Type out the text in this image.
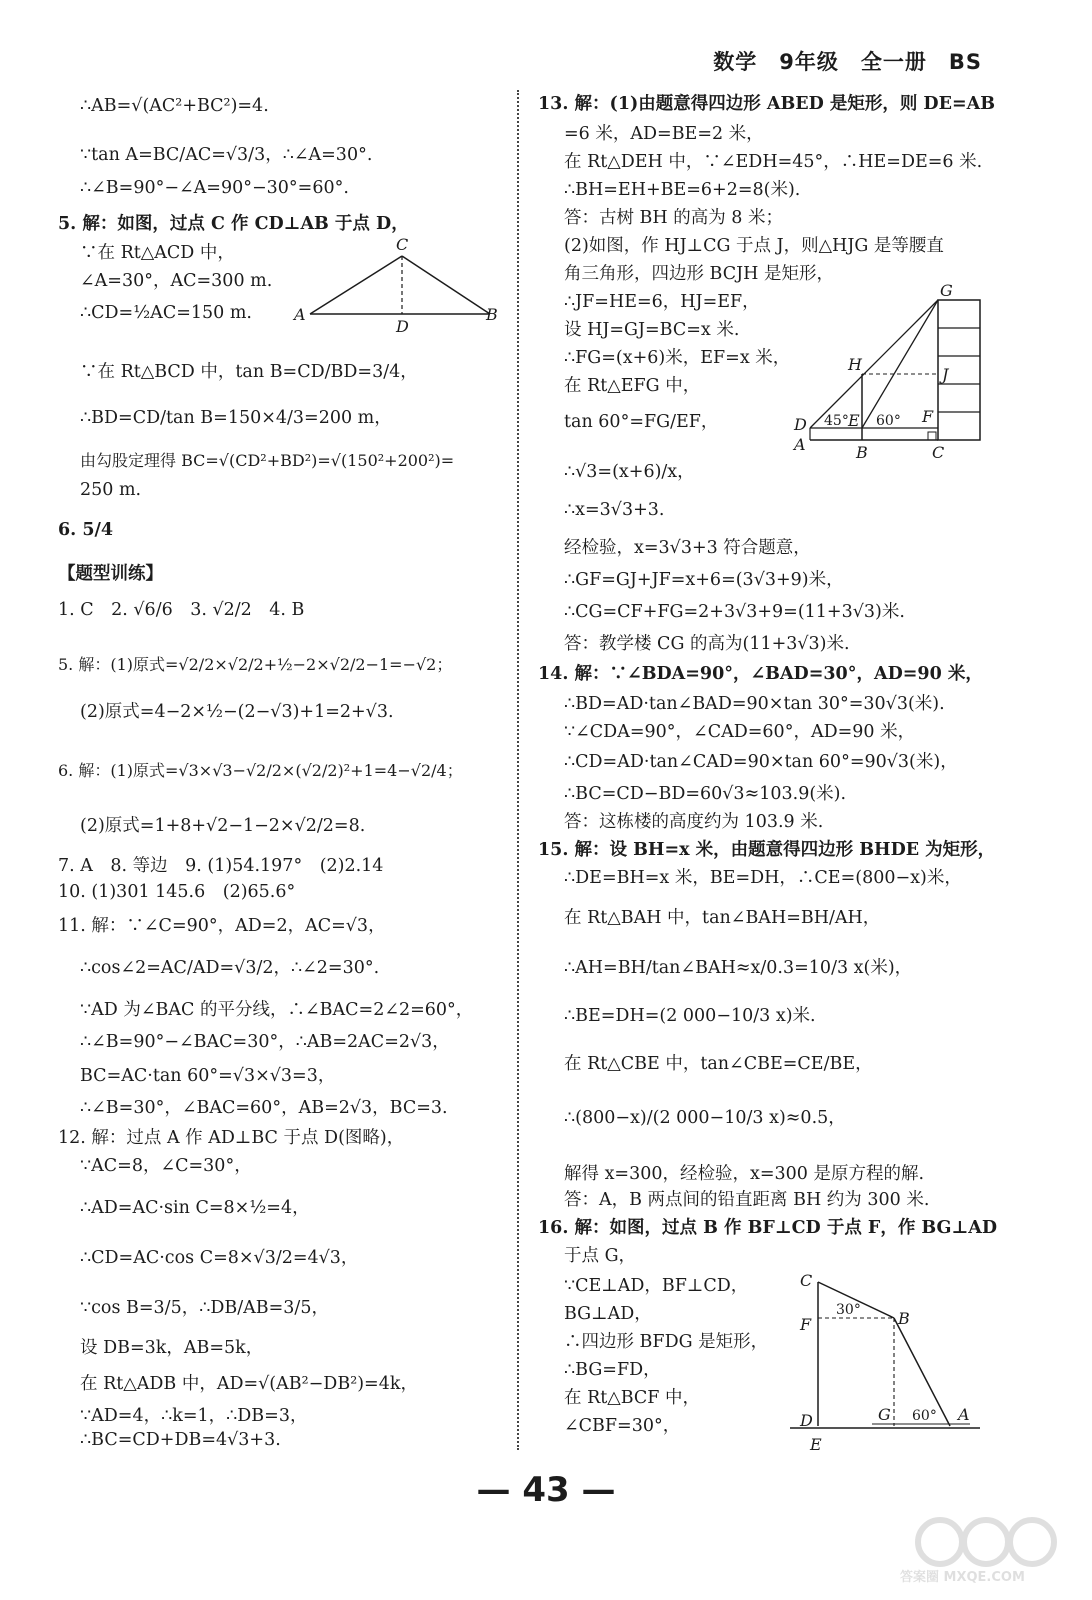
数学　9年级　全一册　BS
∴AB=√(AC²+BC²)=4.
∵tan A=BC/AC=√3/3，∴∠A=30°.
∴∠B=90°−∠A=90°−30°=60°.
5. 解：如图，过点 C 作 CD⊥AB 于点 D，
∵在 Rt△ACD 中，
∠A=30°，AC=300 m.
∴CD=½AC=150 m.
∵在 Rt△BCD 中，tan B=CD/BD=3/4，
∴BD=CD/tan B=150×4/3=200 m，
由勾股定理得 BC=√(CD²+BD²)=√(150²+200²)=
250 m.
6. 5/4
【题型训练】
1. C　2. √6/6　3. √2/2　4. B
5. 解：(1)原式=√2/2×√2/2+½−2×√2/2−1=−√2；
(2)原式=4−2×½−(2−√3)+1=2+√3.
6. 解：(1)原式=√3×√3−√2/2×(√2/2)²+1=4−√2/4；
(2)原式=1+8+√2−1−2×√2/2=8.
7. A　8. 等边　9. (1)54.197°　(2)2.14
10. (1)301 145.6　(2)65.6°
11. 解：∵∠C=90°，AD=2，AC=√3，
∴cos∠2=AC/AD=√3/2，∴∠2=30°.
∵AD 为∠BAC 的平分线，∴∠BAC=2∠2=60°，
∴∠B=90°−∠BAC=30°，∴AB=2AC=2√3，
BC=AC·tan 60°=√3×√3=3，
∴∠B=30°，∠BAC=60°，AB=2√3，BC=3.
12. 解：过点 A 作 AD⊥BC 于点 D(图略)，
∵AC=8，∠C=30°，
∴AD=AC·sin C=8×½=4，
∴CD=AC·cos C=8×√3/2=4√3，
∵cos B=3/5，∴DB/AB=3/5，
设 DB=3k，AB=5k，
在 Rt△ADB 中，AD=√(AB²−DB²)=4k，
∵AD=4，∴k=1，∴DB=3，
∴BC=CD+DB=4√3+3.
C
A
D
B
13. 解：(1)由题意得四边形 ABED 是矩形，则 DE=AB
=6 米，AD=BE=2 米，
在 Rt△DEH 中，∵∠EDH=45°，∴HE=DE=6 米.
∴BH=EH+BE=6+2=8(米).
答：古树 BH 的高为 8 米；
(2)如图，作 HJ⊥CG 于点 J，则△HJG 是等腰直
角三角形，四边形 BCJH 是矩形，
∴JF=HE=6，HJ=EF，
设 HJ=GJ=BC=x 米.
∴FG=(x+6)米，EF=x 米，
在 Rt△EFG 中，
tan 60°=FG/EF，
∴√3=(x+6)/x，
∴x=3√3+3.
经检验，x=3√3+3 符合题意，
∴GF=GJ+JF=x+6=(3√3+9)米，
∴CG=CF+FG=2+3√3+9=(11+3√3)米.
答：教学楼 CG 的高为(11+3√3)米.
14. 解：∵∠BDA=90°，∠BAD=30°，AD=90 米，
∴BD=AD·tan∠BAD=90×tan 30°=30√3(米).
∵∠CDA=90°，∠CAD=60°，AD=90 米，
∴CD=AD·tan∠CAD=90×tan 60°=90√3(米)，
∴BC=CD−BD=60√3≈103.9(米).
答：这栋楼的高度约为 103.9 米.
15. 解：设 BH=x 米，由题意得四边形 BHDE 为矩形，
∴DE=BH=x 米，BE=DH，∴CE=(800−x)米，
在 Rt△BAH 中，tan∠BAH=BH/AH，
∴AH=BH/tan∠BAH≈x/0.3=10/3 x(米)，
∴BE=DH=(2 000−10/3 x)米.
在 Rt△CBE 中，tan∠CBE=CE/BE，
∴(800−x)/(2 000−10/3 x)≈0.5，
解得 x=300，经检验，x=300 是原方程的解.
答：A，B 两点间的铅直距离 BH 约为 300 米.
16. 解：如图，过点 B 作 BF⊥CD 于点 F，作 BG⊥AD
于点 G，
∵CE⊥AD，BF⊥CD，
BG⊥AD，
∴四边形 BFDG 是矩形，
∴BG=FD，
在 Rt△BCF 中，
∠CBF=30°，
G
H
J
D	E	F
A	B	C
45° 60°
C
F	B
D	G	A
E
30°
60°
— 43 —
答案圈 MXQE.COM
